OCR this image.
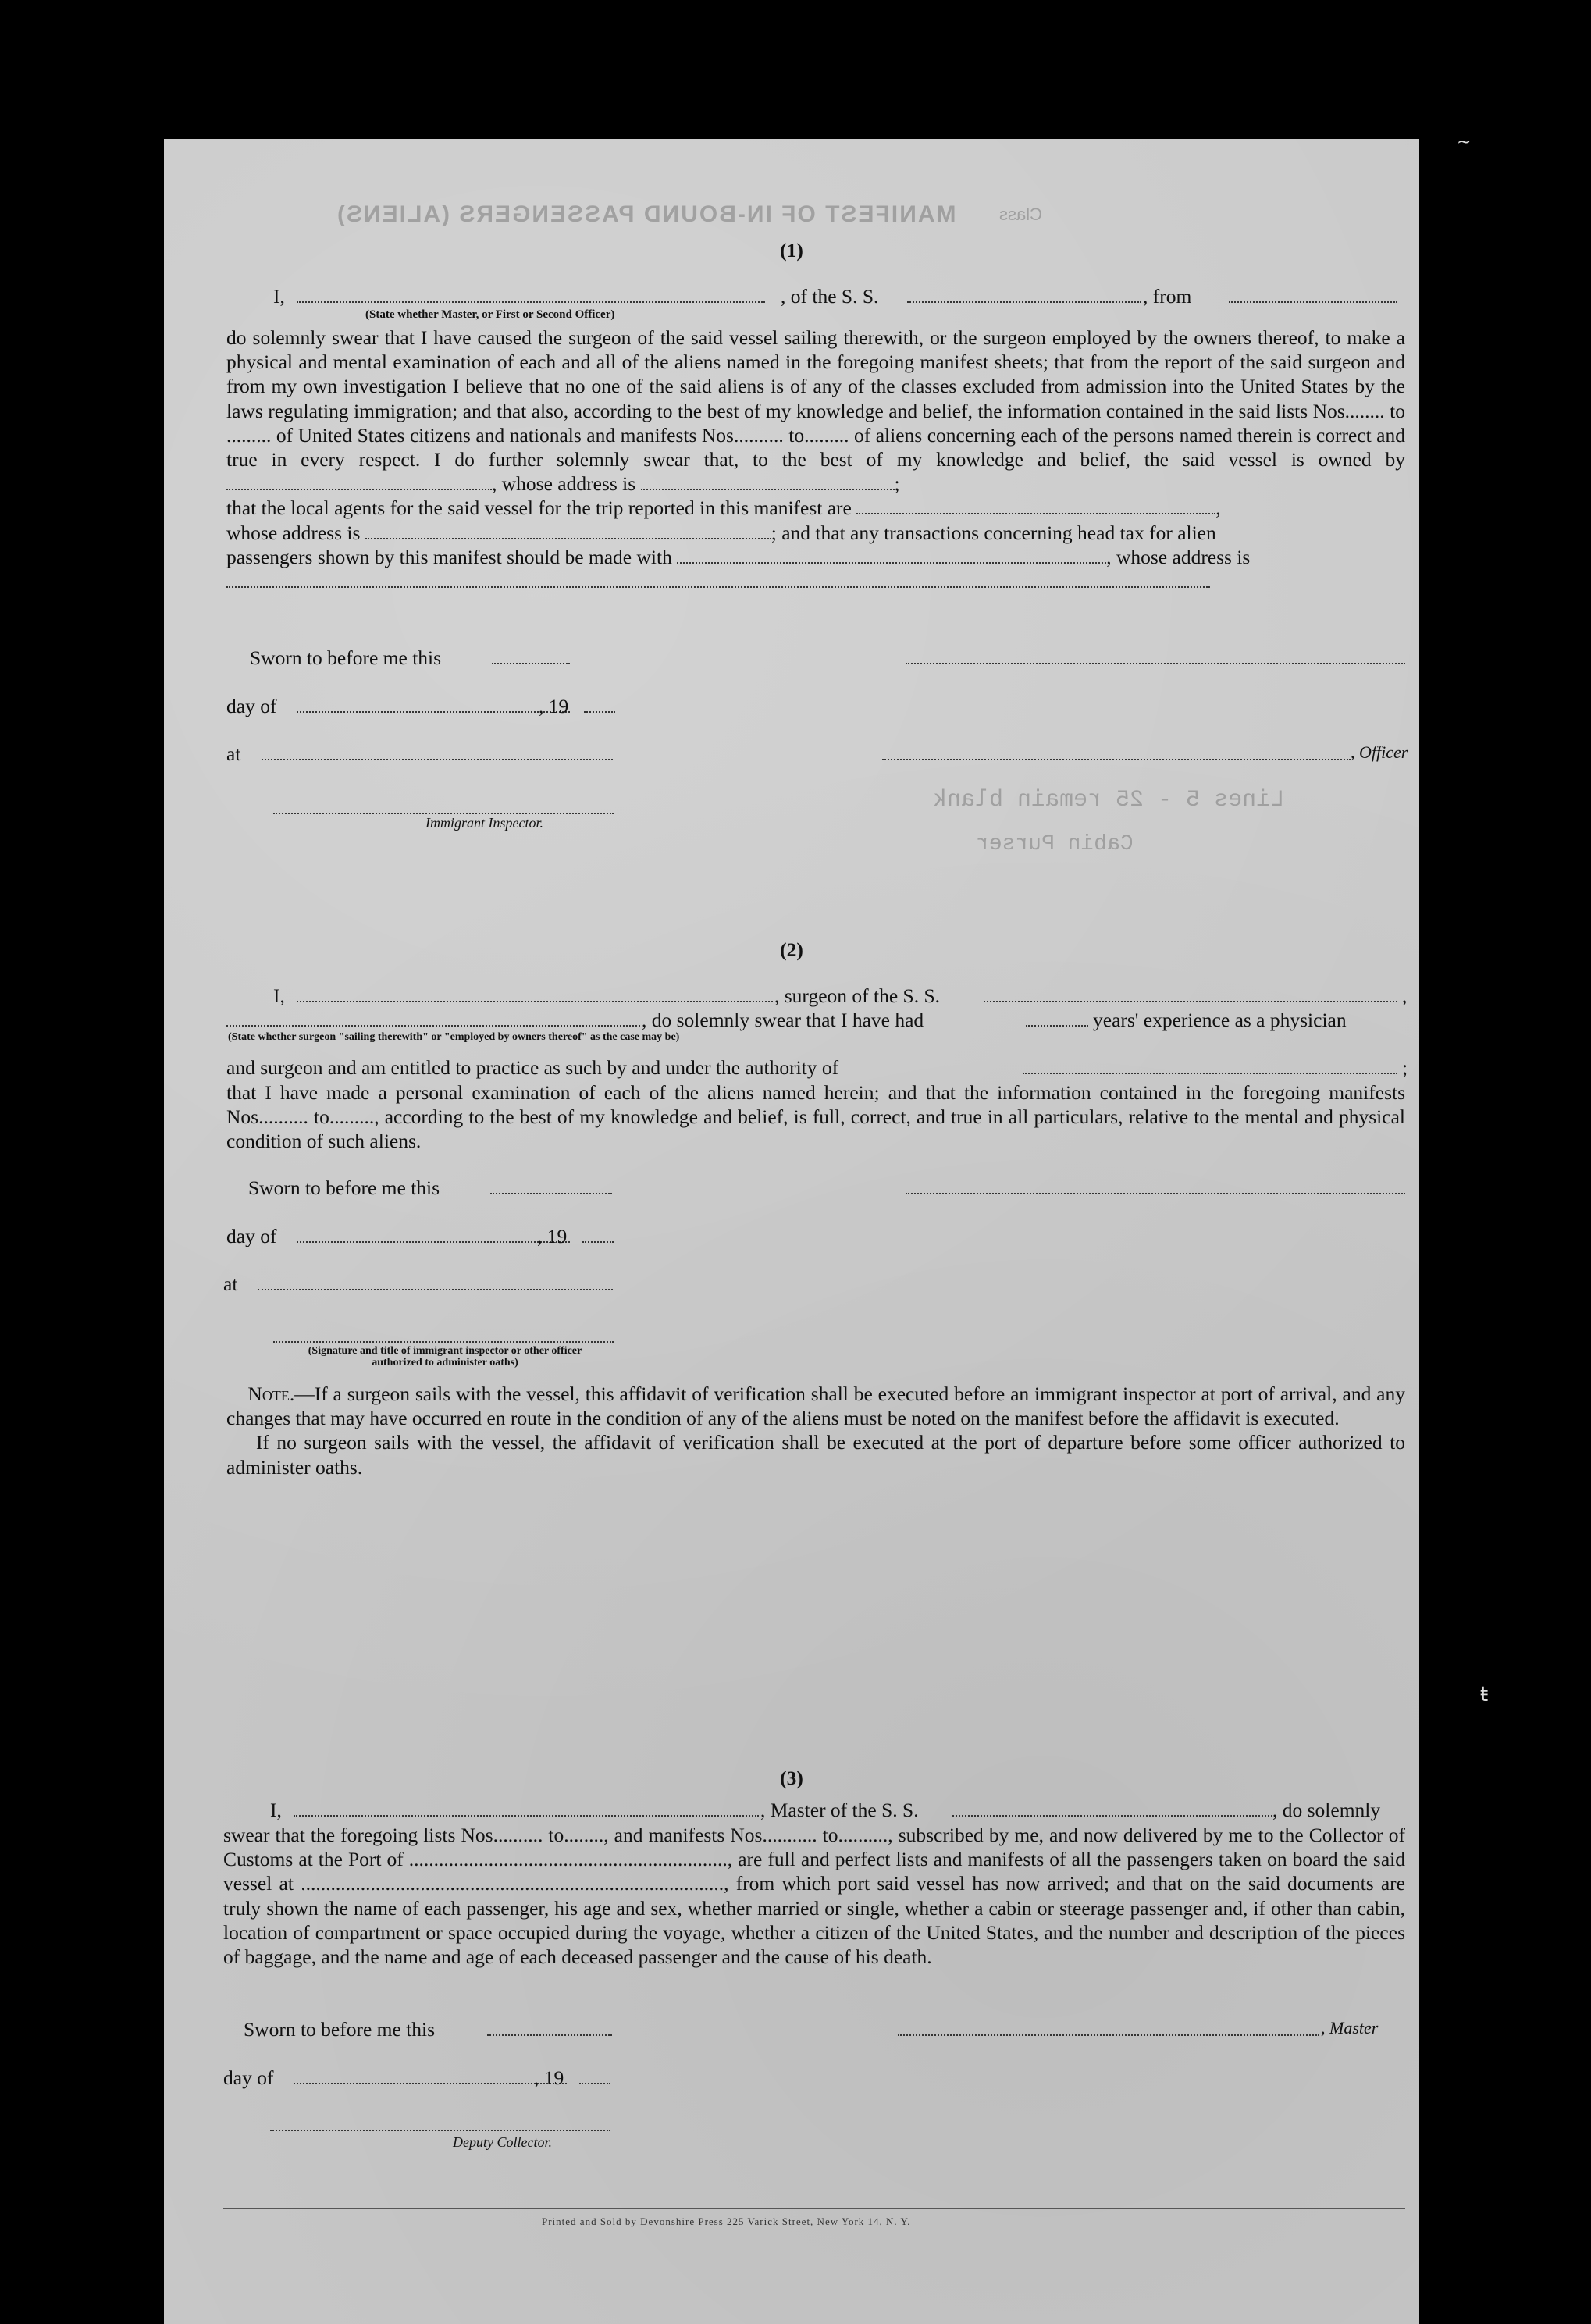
MANIFEST OF IN-BOUND PASSENGERS (ALIENS)	Class
Lines 5 - 25 remain blank
Cabin Purser
(1)
I,	, of the S. S.	, from
(State whether Master, or First or Second Officer)
do solemnly swear that I have caused the surgeon of the said vessel sailing therewith, or the surgeon employed by the owners thereof, to make a physical and mental examination of each and all of the aliens named in the foregoing manifest sheets; that from the report of the said surgeon and from my own investigation I believe that no one of the said aliens is of any of the classes excluded from admission into the United States by the laws regulating immigration; and that also, according to the best of my knowledge and belief, the information contained in the said lists Nos........ to ......... of United States citizens and nationals and manifests Nos.......... to......... of aliens concerning each of the persons named therein is correct and true in every respect. I do further solemnly swear that, to the best of my knowledge and belief, the said vessel is owned by, whose address is	;
that the local agents for the said vessel for the trip reported in this manifest are	,
whose address is	; and that any transactions concerning head tax for alien
passengers shown by this manifest should be made with	, whose address is

Sworn to before me this
day of	, 19
at	, Officer
Immigrant Inspector.
(2)
I,	, surgeon of the S. S.	,
, do solemnly swear that I have had	years' experience as a physician
(State whether surgeon "sailing therewith" or "employed by owners thereof" as the case may be)
and surgeon and am entitled to practice as such by and under the authority of	;
that I have made a personal examination of each of the aliens named herein; and that the information contained in the foregoing manifests Nos.......... to........., according to the best of my knowledge and belief, is full, correct, and true in all particulars, relative to the mental and physical condition of such aliens.
Sworn to before me this
day of	, 19
at
(Signature and title of immigrant inspector or other officer authorized to administer oaths)
Note.—If a surgeon sails with the vessel, this affidavit of verification shall be executed before an immigrant inspector at port of arrival, and any changes that may have occurred en route in the condition of any of the aliens must be noted on the manifest before the affidavit is executed.
If no surgeon sails with the vessel, the affidavit of verification shall be executed at the port of departure before some officer authorized to administer oaths.
(3)
I,	, Master of the S. S.	, do solemnly
swear that the foregoing lists Nos.......... to........, and manifests Nos........... to.........., subscribed by me, and now delivered by me to the Collector of Customs at the Port of ................................................................, are full and perfect lists and manifests of all the passengers taken on board the said vessel at ....................................................................................., from which port said vessel has now arrived; and that on the said documents are truly shown the name of each passenger, his age and sex, whether married or single, whether a cabin or steerage passenger and, if other than cabin, location of compartment or space occupied during the voyage, whether a citizen of the United States, and the number and description of the pieces of baggage, and the name and age of each deceased passenger and the cause of his death.
Sworn to before me this	, Master
day of	, 19
Deputy Collector.
Printed and Sold by Devonshire Press 225 Varick Street, New York 14, N. Y.
~
ŧ
